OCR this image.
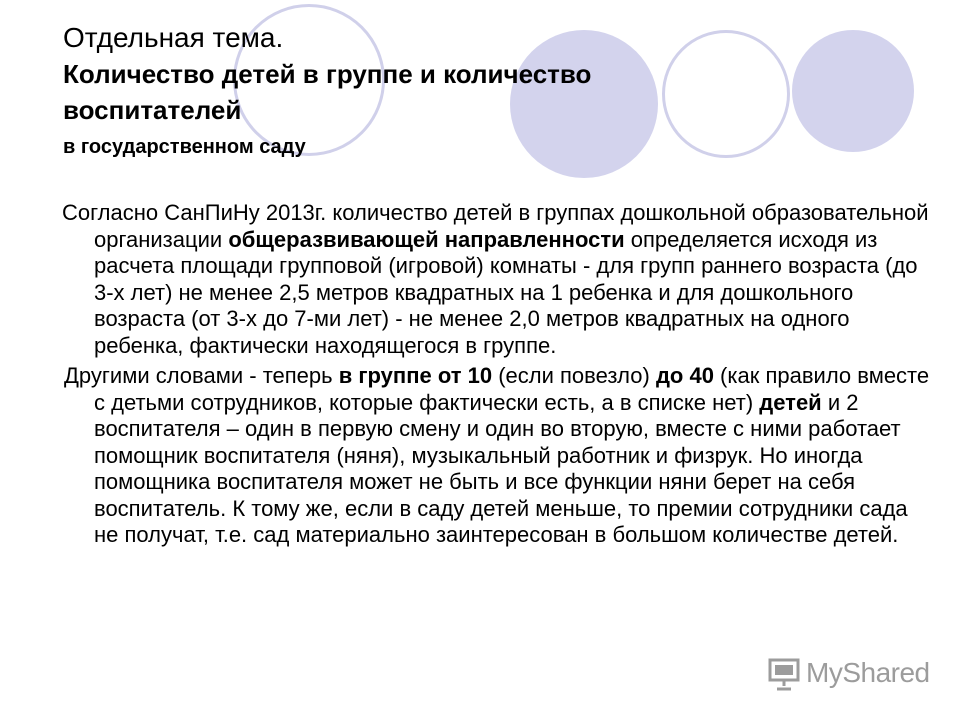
Отдельная тема.

Количество детей в группе и количество
воспитателей

в государственном саду

Согласно СанПиНу 2013г. количество детей в группах дошкольной образовательной организации общеразвивающей направленности определяется исходя из расчета площади групповой (игровой) комнаты - для групп раннего возраста (до 3-х лет) не менее 2,5 метров квадратных на 1 ребенка и для дошкольного возраста (от 3-х до 7-ми лет) - не менее 2,0 метров квадратных на одного ребенка, фактически находящегося в группе.

Другими словами - теперь в группе от 10 (если повезло) до 40 (как правило вместе с детьми сотрудников, которые фактически есть, а в списке нет) детей и 2 воспитателя – один в первую смену и один во вторую, вместе с ними работает помощник воспитателя (няня), музыкальный работник и физрук. Но иногда помощника воспитателя может не быть и все функции няни берет на себя воспитатель. К тому же, если в саду детей меньше, то премии сотрудники сада не получат, т.е. сад материально заинтересован в большом количестве детей.

MyShared
